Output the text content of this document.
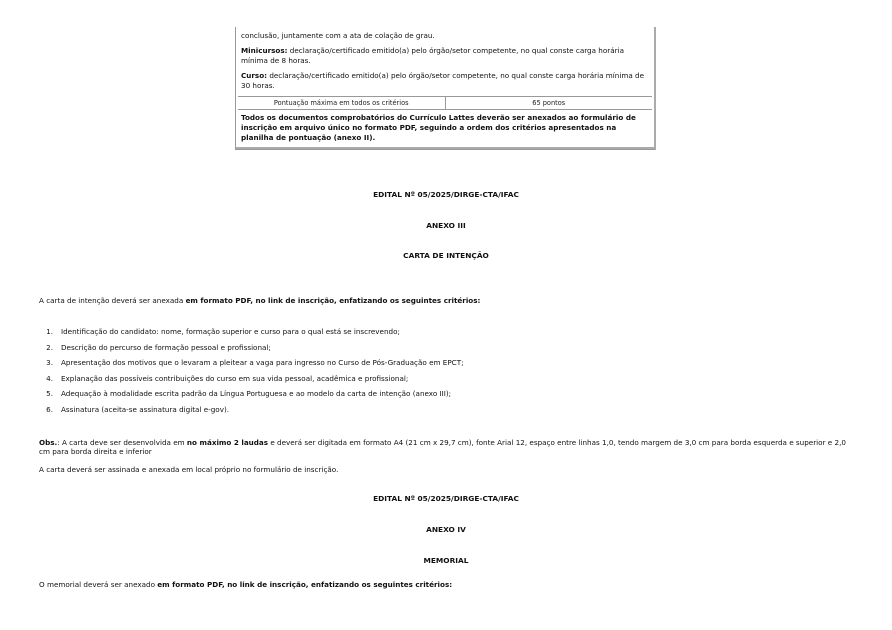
conclusão, juntamente com a ata de colação de grau.

Minicursos: declaração/certificado emitido(a) pelo órgão/setor competente, no qual conste carga horária mínima de 8 horas.

Curso: declaração/certificado emitido(a) pelo órgão/setor competente, no qual conste carga horária mínima de 30 horas.

Pontuação máxima em todos os critérios	65 pontos
Todos os documentos comprobatórios do Currículo Lattes deverão ser anexados ao formulário de inscrição em arquivo único no formato PDF, seguindo a ordem dos critérios apresentados na planilha de pontuação (anexo II).
EDITAL Nº 05/2025/DIRGE-CTA/IFAC
ANEXO III
CARTA DE INTENÇÃO
A carta de intenção deverá ser anexada em formato PDF, no link de inscrição, enfatizando os seguintes critérios:
1.	Identificação do candidato: nome, formação superior e curso para o qual está se inscrevendo;
2.	Descrição do percurso de formação pessoal e profissional;
3.	Apresentação dos motivos que o levaram a pleitear a vaga para ingresso no Curso de Pós-Graduação em EPCT;
4.	Explanação das possíveis contribuições do curso em sua vida pessoal, acadêmica e profissional;
5.	Adequação à modalidade escrita padrão da Língua Portuguesa e ao modelo da carta de intenção (anexo III);
6.	Assinatura (aceita-se assinatura digital e-gov).
Obs.: A carta deve ser desenvolvida em no máximo 2 laudas e deverá ser digitada em formato A4 (21 cm x 29,7 cm), fonte Arial 12, espaço entre linhas 1,0, tendo margem de 3,0 cm para borda esquerda e superior e 2,0 cm para borda direita e inferior
A carta deverá ser assinada e anexada em local próprio no formulário de inscrição.
EDITAL Nº 05/2025/DIRGE-CTA/IFAC
ANEXO IV
MEMORIAL
O memorial deverá ser anexado em formato PDF, no link de inscrição, enfatizando os seguintes critérios:
